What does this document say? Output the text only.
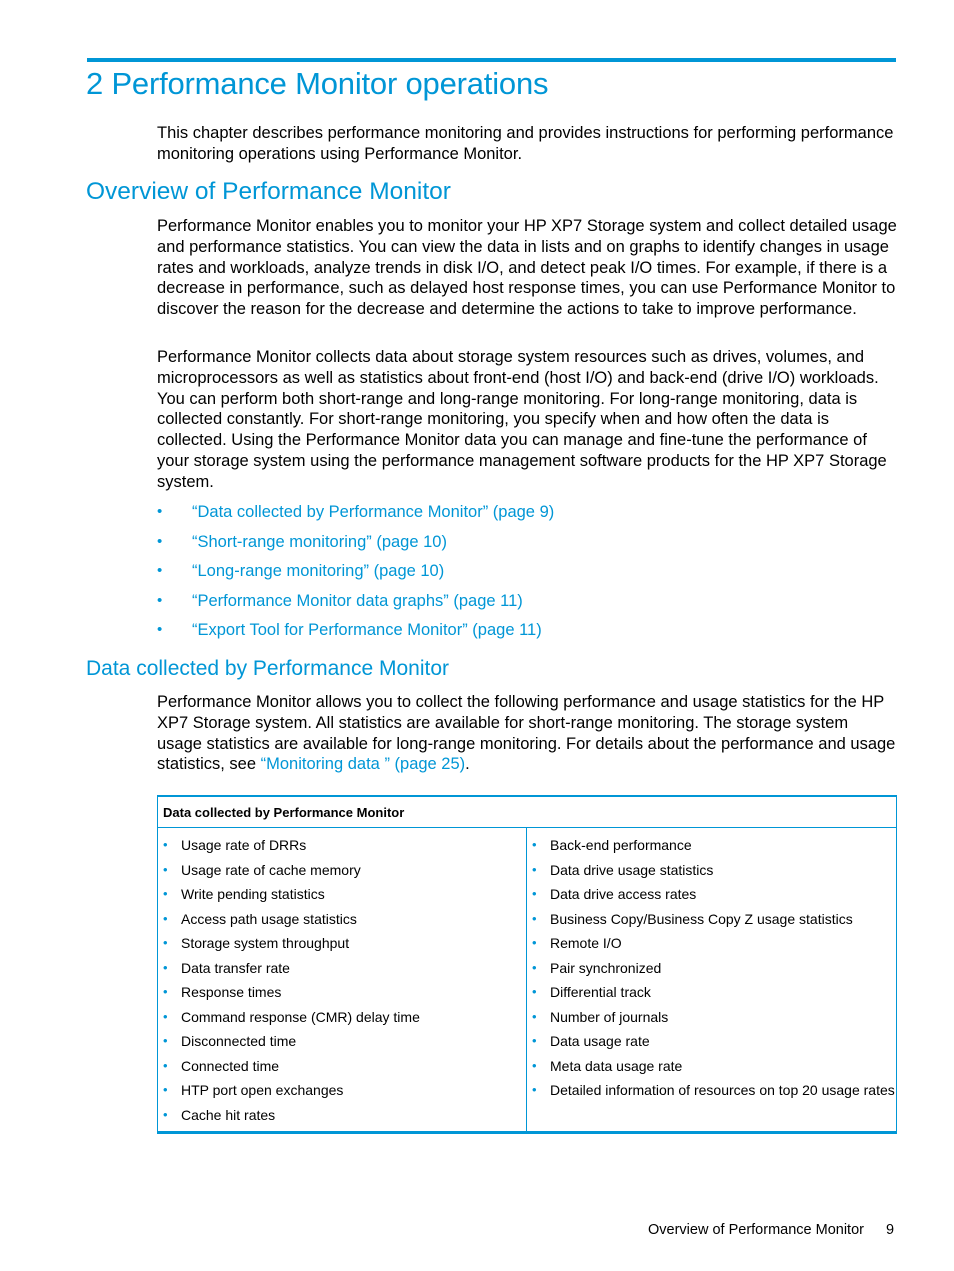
2 Performance Monitor operations

This chapter describes performance monitoring and provides instructions for performing performance monitoring operations using Performance Monitor.

Overview of Performance Monitor

Performance Monitor enables you to monitor your HP XP7 Storage system and collect detailed usage and performance statistics. You can view the data in lists and on graphs to identify changes in usage rates and workloads, analyze trends in disk I/O, and detect peak I/O times. For example, if there is a decrease in performance, such as delayed host response times, you can use Performance Monitor to discover the reason for the decrease and determine the actions to take to improve performance.

Performance Monitor collects data about storage system resources such as drives, volumes, and microprocessors as well as statistics about front-end (host I/O) and back-end (drive I/O) workloads. You can perform both short-range and long-range monitoring. For long-range monitoring, data is collected constantly. For short-range monitoring, you specify when and how often the data is collected. Using the Performance Monitor data you can manage and fine-tune the performance of your storage system using the performance management software products for the HP XP7 Storage system.

• “Data collected by Performance Monitor” (page 9)
• “Short-range monitoring” (page 10)
• “Long-range monitoring” (page 10)
• “Performance Monitor data graphs” (page 11)
• “Export Tool for Performance Monitor” (page 11)
Data collected by Performance Monitor

Performance Monitor allows you to collect the following performance and usage statistics for the HP XP7 Storage system. All statistics are available for short-range monitoring. The storage system usage statistics are available for long-range monitoring. For details about the performance and usage statistics, see “Monitoring data ” (page 25).

Data collected by Performance Monitor
• Usage rate of DRRs
• Usage rate of cache memory
• Write pending statistics
• Access path usage statistics
• Storage system throughput
• Data transfer rate
• Response times
• Command response (CMR) delay time
• Disconnected time
• Connected time
• HTP port open exchanges
• Cache hit rates
• Back-end performance
• Data drive usage statistics
• Data drive access rates
• Business Copy/Business Copy Z usage statistics
• Remote I/O
• Pair synchronized
• Differential track
• Number of journals
• Data usage rate
• Meta data usage rate
• Detailed information of resources on top 20 usage rates
Overview of Performance Monitor 9
